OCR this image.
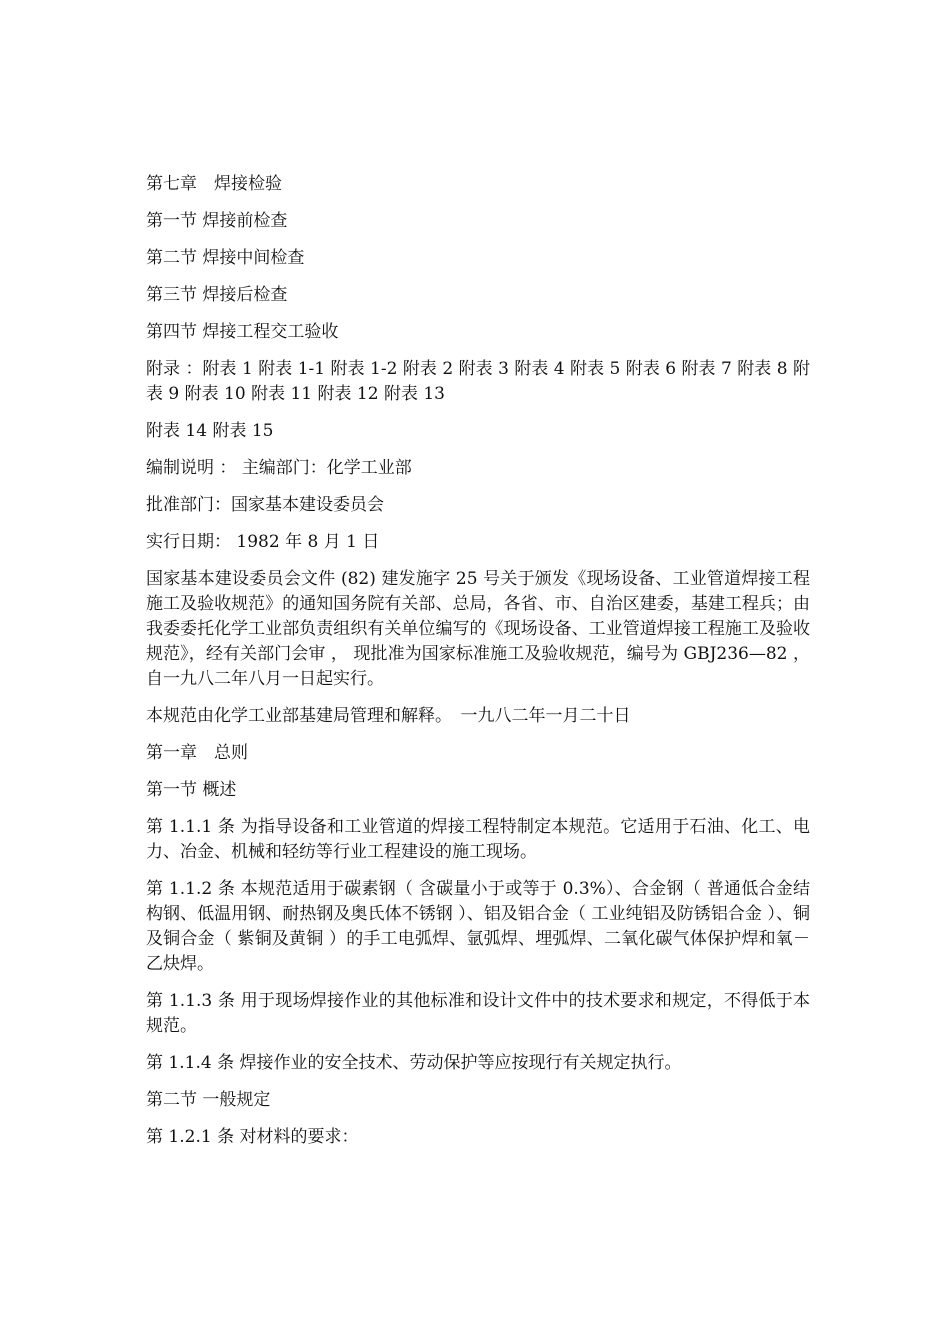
第七章　焊接检验

第一节 焊接前检查

第二节 焊接中间检查

第三节 焊接后检查

第四节 焊接工程交工验收

附录 ：附表 1 附表 1-1 附表 1-2 附表 2 附表 3 附表 4 附表 5 附表 6 附表 7 附表 8 附表 9 附表 10 附表 11 附表 12 附表 13

附表 14 附表 15

编制说明 ： 主编部门：化学工业部

批准部门：国家基本建设委员会

实行日期： 1982 年 8 月 1 日

国家基本建设委员会文件 (82) 建发施字 25 号关于颁发《现场设备、工业管道焊接工程施工及验收规范》的通知国务院有关部、总局，各省、市、自治区建委，基建工程兵；由我委委托化学工业部负责组织有关单位编写的《现场设备、工业管道焊接工程施工及验收规范》，经有关部门会审 ， 现批准为国家标准施工及验收规范，编号为 GBJ236—82 ， 自一九八二年八月一日起实行。

本规范由化学工业部基建局管理和解释。　一九八二年一月二十日

第一章　总则

第一节 概述

第 1.1.1 条 为指导设备和工业管道的焊接工程特制定本规范。它适用于石油、化工、电力、冶金、机械和轻纺等行业工程建设的施工现场。

第 1.1.2 条 本规范适用于碳素钢（ 含碳量小于或等于 0.3%）、合金钢（ 普通低合金结构钢、低温用钢、耐热钢及奥氏体不锈钢 ）、铝及铝合金（ 工业纯铝及防锈铝合金 ）、铜及铜合金（ 紫铜及黄铜 ）的手工电弧焊、氩弧焊、埋弧焊、二氧化碳气体保护焊和氧－乙炔焊。

第 1.1.3 条 用于现场焊接作业的其他标准和设计文件中的技术要求和规定，不得低于本规范。

第 1.1.4 条 焊接作业的安全技术、劳动保护等应按现行有关规定执行。

第二节 一般规定

第 1.2.1 条 对材料的要求：
